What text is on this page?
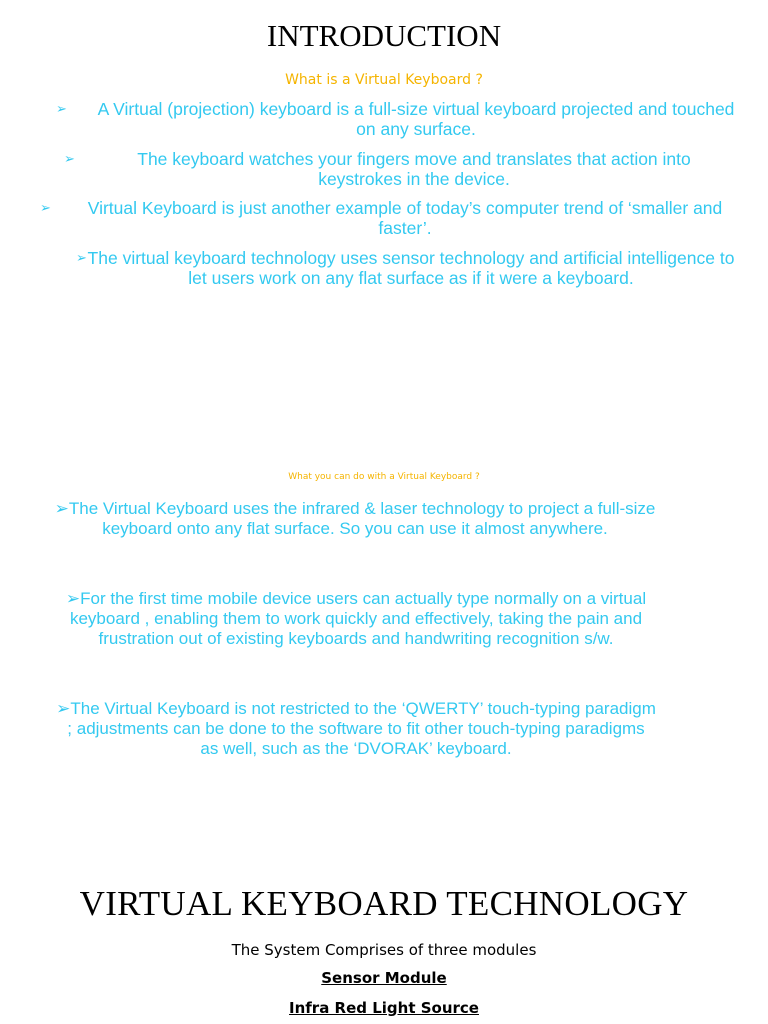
INTRODUCTION

What is a Virtual Keyboard ?

➢	A Virtual (projection) keyboard is a full-size virtual keyboard projected and touched on any surface.
➢	The keyboard watches your fingers move and translates that action into keystrokes in the device.
➢	Virtual Keyboard is just another example of today’s computer trend of ‘smaller and faster’.
➢ The virtual keyboard technology uses sensor technology and artificial intelligence to let users work on any flat surface as if it were a keyboard.

What you can do with a Virtual Keyboard ?

➢The Virtual Keyboard uses the infrared & laser technology to project a full-size keyboard onto any flat surface. So you can use it almost anywhere.
➢For the first time mobile device users can actually type normally on a virtual keyboard , enabling them to work quickly and effectively, taking the pain and frustration out of existing keyboards and handwriting recognition s/w.
➢The Virtual Keyboard is not restricted to the ‘QWERTY’ touch-typing paradigm ; adjustments can be done to the software to fit other touch-typing paradigms as well, such as the ‘DVORAK’ keyboard.
VIRTUAL KEYBOARD TECHNOLOGY

The System Comprises of three modules

Sensor Module

Infra Red Light Source
